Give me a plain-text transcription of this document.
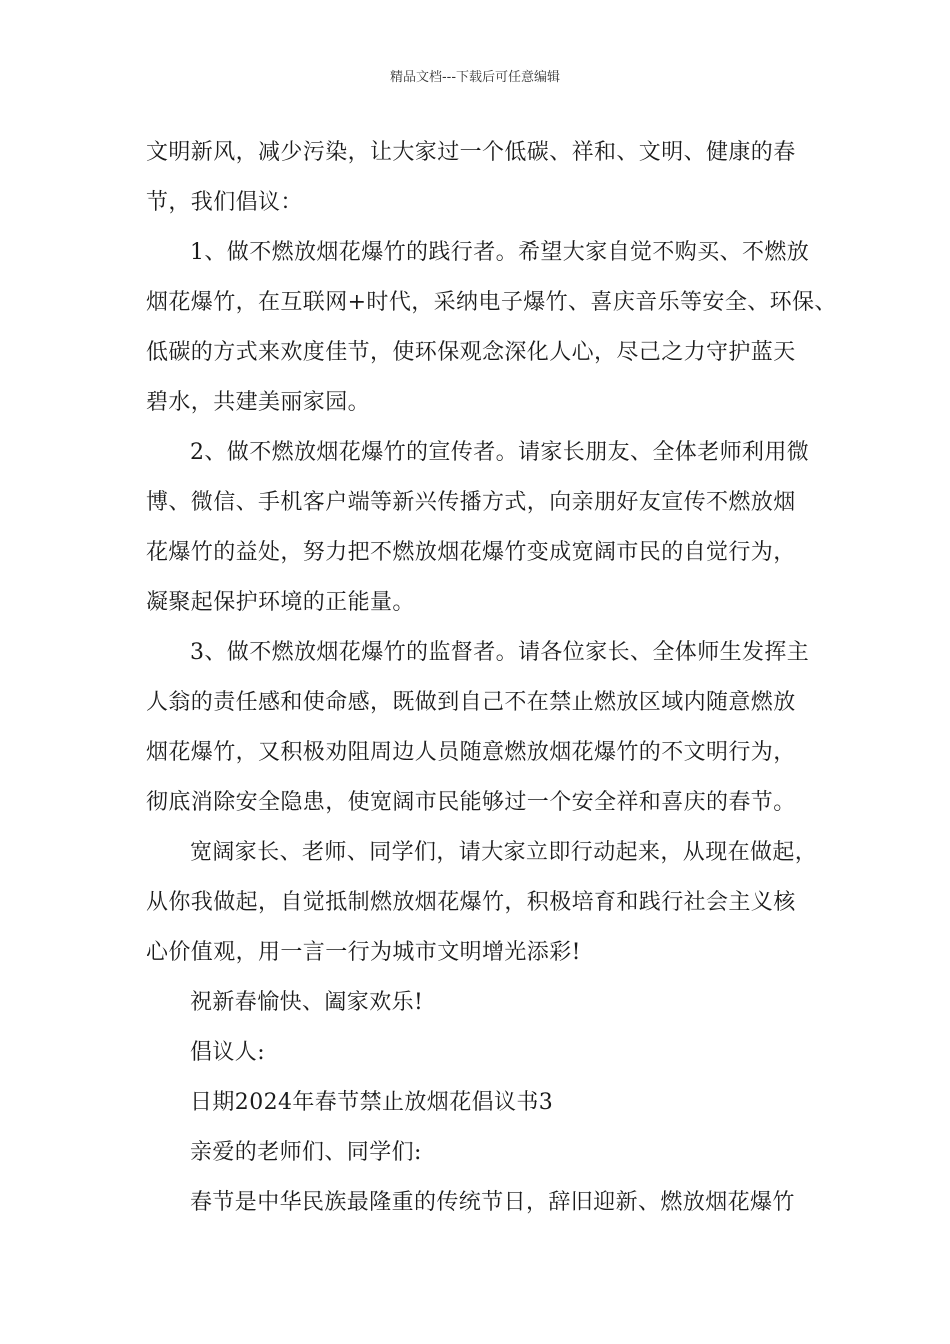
精品文档---下载后可任意编辑
文明新风，减少污染，让大家过一个低碳、祥和、文明、健康的春
节，我们倡议：
1、做不燃放烟花爆竹的践行者。希望大家自觉不购买、不燃放
烟花爆竹，在互联网+时代，采纳电子爆竹、喜庆音乐等安全、环保、
低碳的方式来欢度佳节，使环保观念深化人心，尽己之力守护蓝天
碧水，共建美丽家园。
2、做不燃放烟花爆竹的宣传者。请家长朋友、全体老师利用微
博、微信、手机客户端等新兴传播方式，向亲朋好友宣传不燃放烟
花爆竹的益处，努力把不燃放烟花爆竹变成宽阔市民的自觉行为，
凝聚起保护环境的正能量。
3、做不燃放烟花爆竹的监督者。请各位家长、全体师生发挥主
人翁的责任感和使命感，既做到自己不在禁止燃放区域内随意燃放
烟花爆竹，又积极劝阻周边人员随意燃放烟花爆竹的不文明行为，
彻底消除安全隐患，使宽阔市民能够过一个安全祥和喜庆的春节。
宽阔家长、老师、同学们，请大家立即行动起来，从现在做起，
从你我做起，自觉抵制燃放烟花爆竹，积极培育和践行社会主义核
心价值观，用一言一行为城市文明增光添彩!
祝新春愉快、阖家欢乐!
倡议人:
日期2024年春节禁止放烟花倡议书3
亲爱的老师们、同学们:
春节是中华民族最隆重的传统节日，辞旧迎新、燃放烟花爆竹
